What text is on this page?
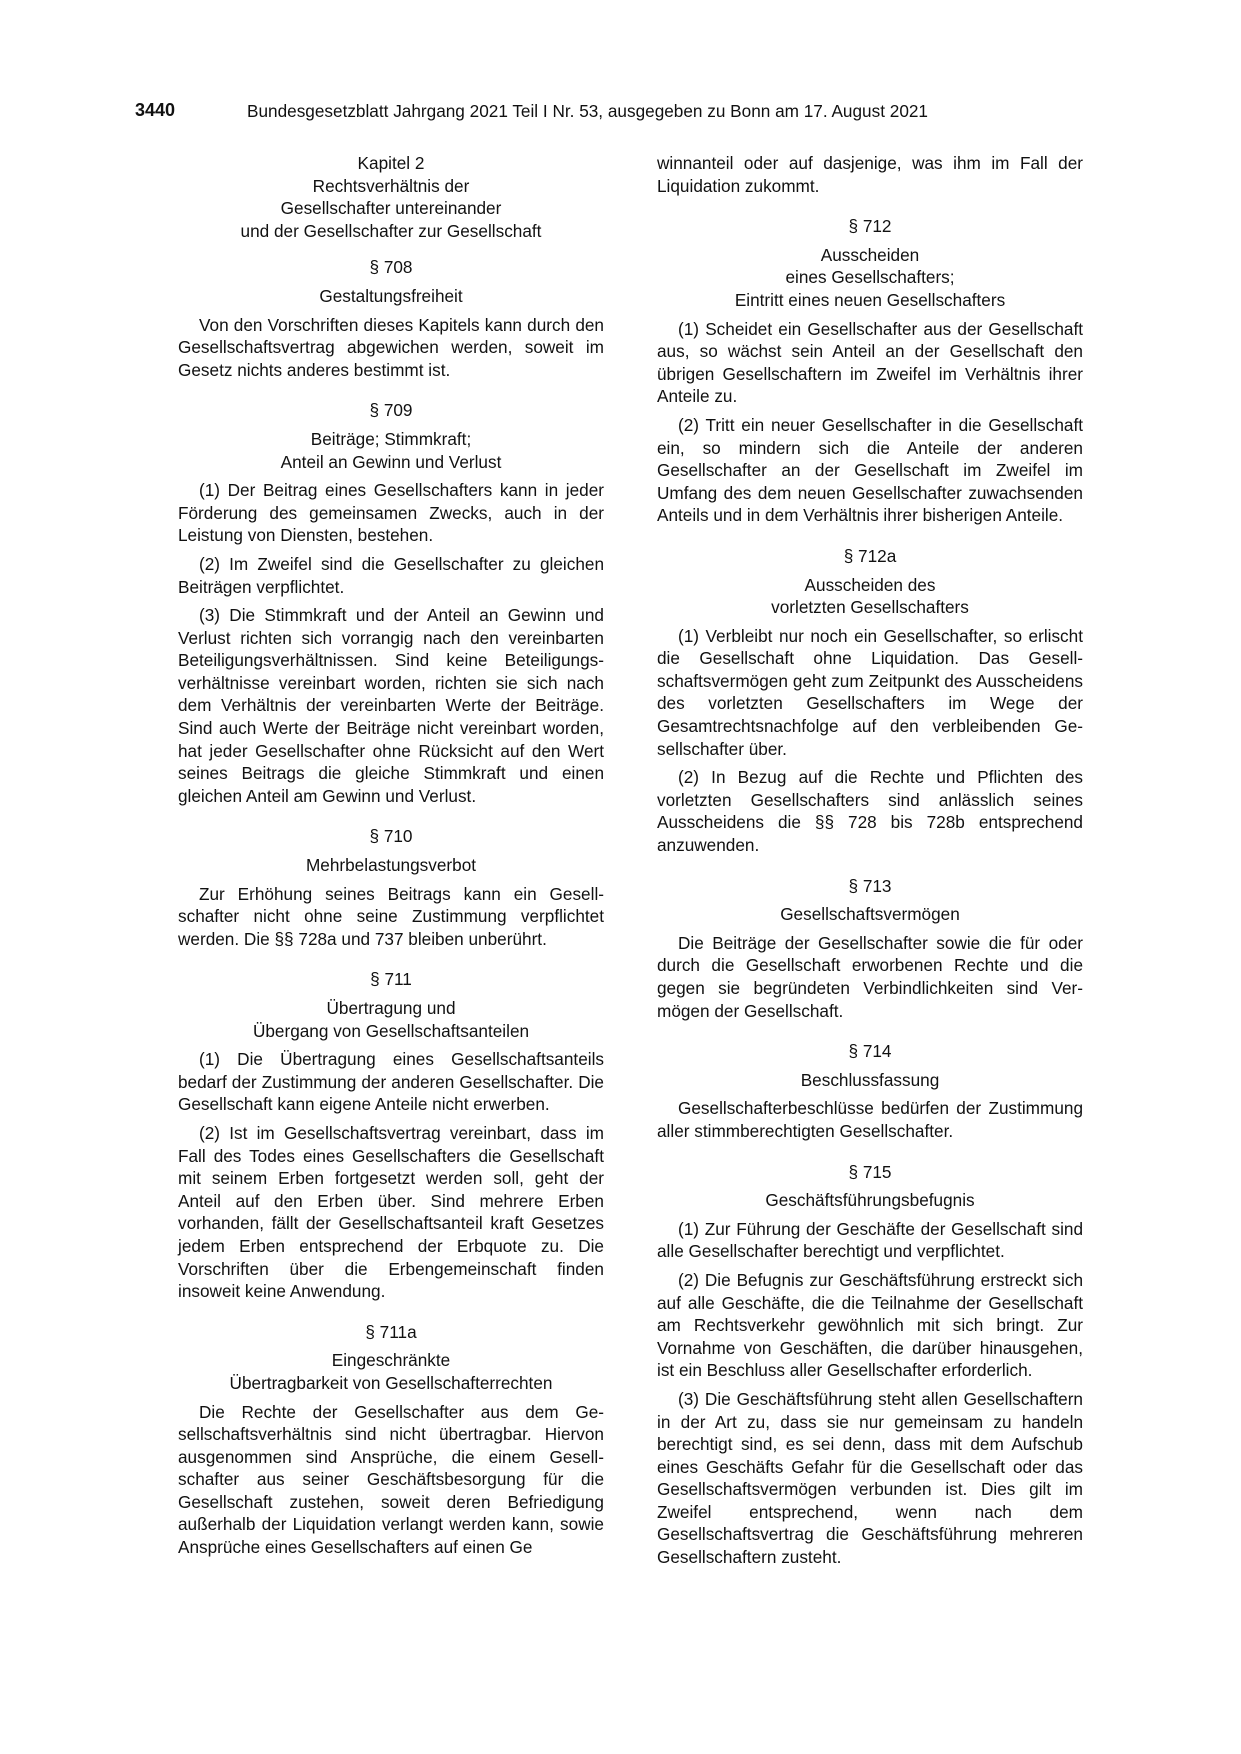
3440	Bundesgesetzblatt Jahrgang 2021 Teil I Nr. 53, ausgegeben zu Bonn am 17. August 2021
Kapitel 2
Rechtsverhältnis der
Gesellschafter untereinander
und der Gesellschafter zur Gesellschaft
§ 708
Gestaltungsfreiheit

Von den Vorschriften dieses Kapitels kann durch den Gesellschaftsvertrag abgewichen werden, soweit im Gesetz nichts anderes bestimmt ist.

§ 709
Beiträge; Stimmkraft;
Anteil an Gewinn und Verlust

(1) Der Beitrag eines Gesellschafters kann in jeder Förderung des gemeinsamen Zwecks, auch in der Leistung von Diensten, bestehen.

(2) Im Zweifel sind die Gesellschafter zu gleichen Beiträgen verpflichtet.

(3) Die Stimmkraft und der Anteil an Gewinn und Verlust richten sich vorrangig nach den vereinbarten Beteiligungsverhältnissen. Sind keine Beteiligungsverhältnisse vereinbart worden, richten sie sich nach dem Verhältnis der vereinbarten Werte der Beiträge. Sind auch Werte der Beiträge nicht vereinbart worden, hat jeder Gesellschafter ohne Rücksicht auf den Wert seines Beitrags die gleiche Stimmkraft und einen gleichen Anteil am Gewinn und Verlust.

§ 710
Mehrbelastungsverbot

Zur Erhöhung seines Beitrags kann ein Gesellschafter nicht ohne seine Zustimmung verpflichtet werden. Die §§ 728a und 737 bleiben unberührt.

§ 711
Übertragung und
Übergang von Gesellschaftsanteilen

(1) Die Übertragung eines Gesellschaftsanteils bedarf der Zustimmung der anderen Gesellschafter. Die Gesellschaft kann eigene Anteile nicht erwerben.

(2) Ist im Gesellschaftsvertrag vereinbart, dass im Fall des Todes eines Gesellschafters die Gesellschaft mit seinem Erben fortgesetzt werden soll, geht der Anteil auf den Erben über. Sind mehrere Erben vorhanden, fällt der Gesellschaftsanteil kraft Gesetzes jedem Erben entsprechend der Erbquote zu. Die Vorschriften über die Erbengemeinschaft finden insoweit keine Anwendung.

§ 711a
Eingeschränkte
Übertragbarkeit von Gesellschafterrechten

Die Rechte der Gesellschafter aus dem Gesellschaftsverhältnis sind nicht übertragbar. Hiervon ausgenommen sind Ansprüche, die einem Gesellschafter aus seiner Geschäftsbesorgung für die Gesellschaft zustehen, soweit deren Befriedigung außerhalb der Liquidation verlangt werden kann, sowie Ansprüche eines Gesellschafters auf einen Ge

winnanteil oder auf dasjenige, was ihm im Fall der Liquidation zukommt.

§ 712
Ausscheiden
eines Gesellschafters;
Eintritt eines neuen Gesellschafters

(1) Scheidet ein Gesellschafter aus der Gesellschaft aus, so wächst sein Anteil an der Gesellschaft den übrigen Gesellschaftern im Zweifel im Verhältnis ihrer Anteile zu.

(2) Tritt ein neuer Gesellschafter in die Gesellschaft ein, so mindern sich die Anteile der anderen Gesellschafter an der Gesellschaft im Zweifel im Umfang des dem neuen Gesellschafter zuwachsenden Anteils und in dem Verhältnis ihrer bisherigen Anteile.

§ 712a
Ausscheiden des
vorletzten Gesellschafters

(1) Verbleibt nur noch ein Gesellschafter, so erlischt die Gesellschaft ohne Liquidation. Das Gesellschaftsvermögen geht zum Zeitpunkt des Ausscheidens des vorletzten Gesellschafters im Wege der Gesamtrechtsnachfolge auf den verbleibenden Gesellschafter über.

(2) In Bezug auf die Rechte und Pflichten des vorletzten Gesellschafters sind anlässlich seines Ausscheidens die §§ 728 bis 728b entsprechend anzuwenden.

§ 713
Gesellschaftsvermögen

Die Beiträge der Gesellschafter sowie die für oder durch die Gesellschaft erworbenen Rechte und die gegen sie begründeten Verbindlichkeiten sind Vermögen der Gesellschaft.

§ 714
Beschlussfassung

Gesellschafterbeschlüsse bedürfen der Zustimmung aller stimmberechtigten Gesellschafter.

§ 715
Geschäftsführungsbefugnis

(1) Zur Führung der Geschäfte der Gesellschaft sind alle Gesellschafter berechtigt und verpflichtet.

(2) Die Befugnis zur Geschäftsführung erstreckt sich auf alle Geschäfte, die die Teilnahme der Gesellschaft am Rechtsverkehr gewöhnlich mit sich bringt. Zur Vornahme von Geschäften, die darüber hinausgehen, ist ein Beschluss aller Gesellschafter erforderlich.

(3) Die Geschäftsführung steht allen Gesellschaftern in der Art zu, dass sie nur gemeinsam zu handeln berechtigt sind, es sei denn, dass mit dem Aufschub eines Geschäfts Gefahr für die Gesellschaft oder das Gesellschaftsvermögen verbunden ist. Dies gilt im Zweifel entsprechend, wenn nach dem Gesellschaftsvertrag die Geschäftsführung mehreren Gesellschaftern zusteht.
